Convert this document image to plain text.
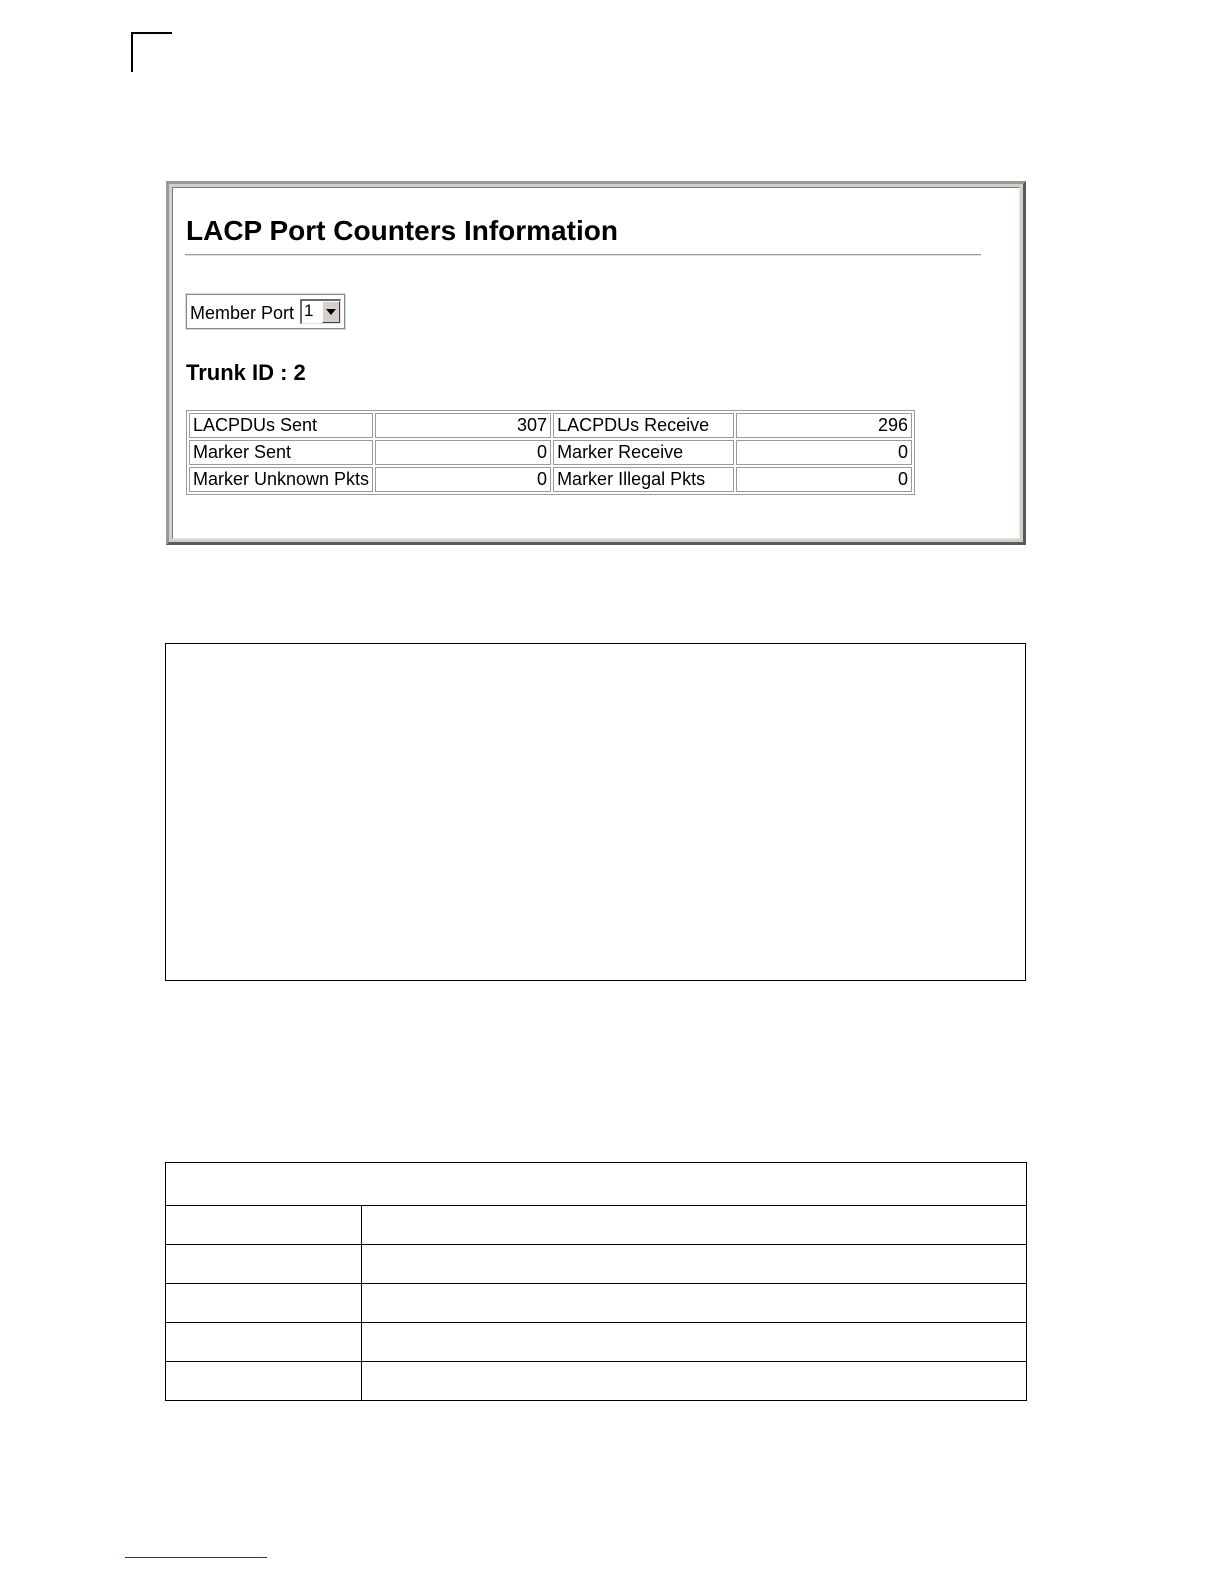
LACP Port Counters Information
Member Port 1
Trunk ID : 2
LACPDUs Sent	307	LACPDUs Receive	296
Marker Sent	0	Marker Receive	0
Marker Unknown Pkts	0	Marker Illegal Pkts	0
